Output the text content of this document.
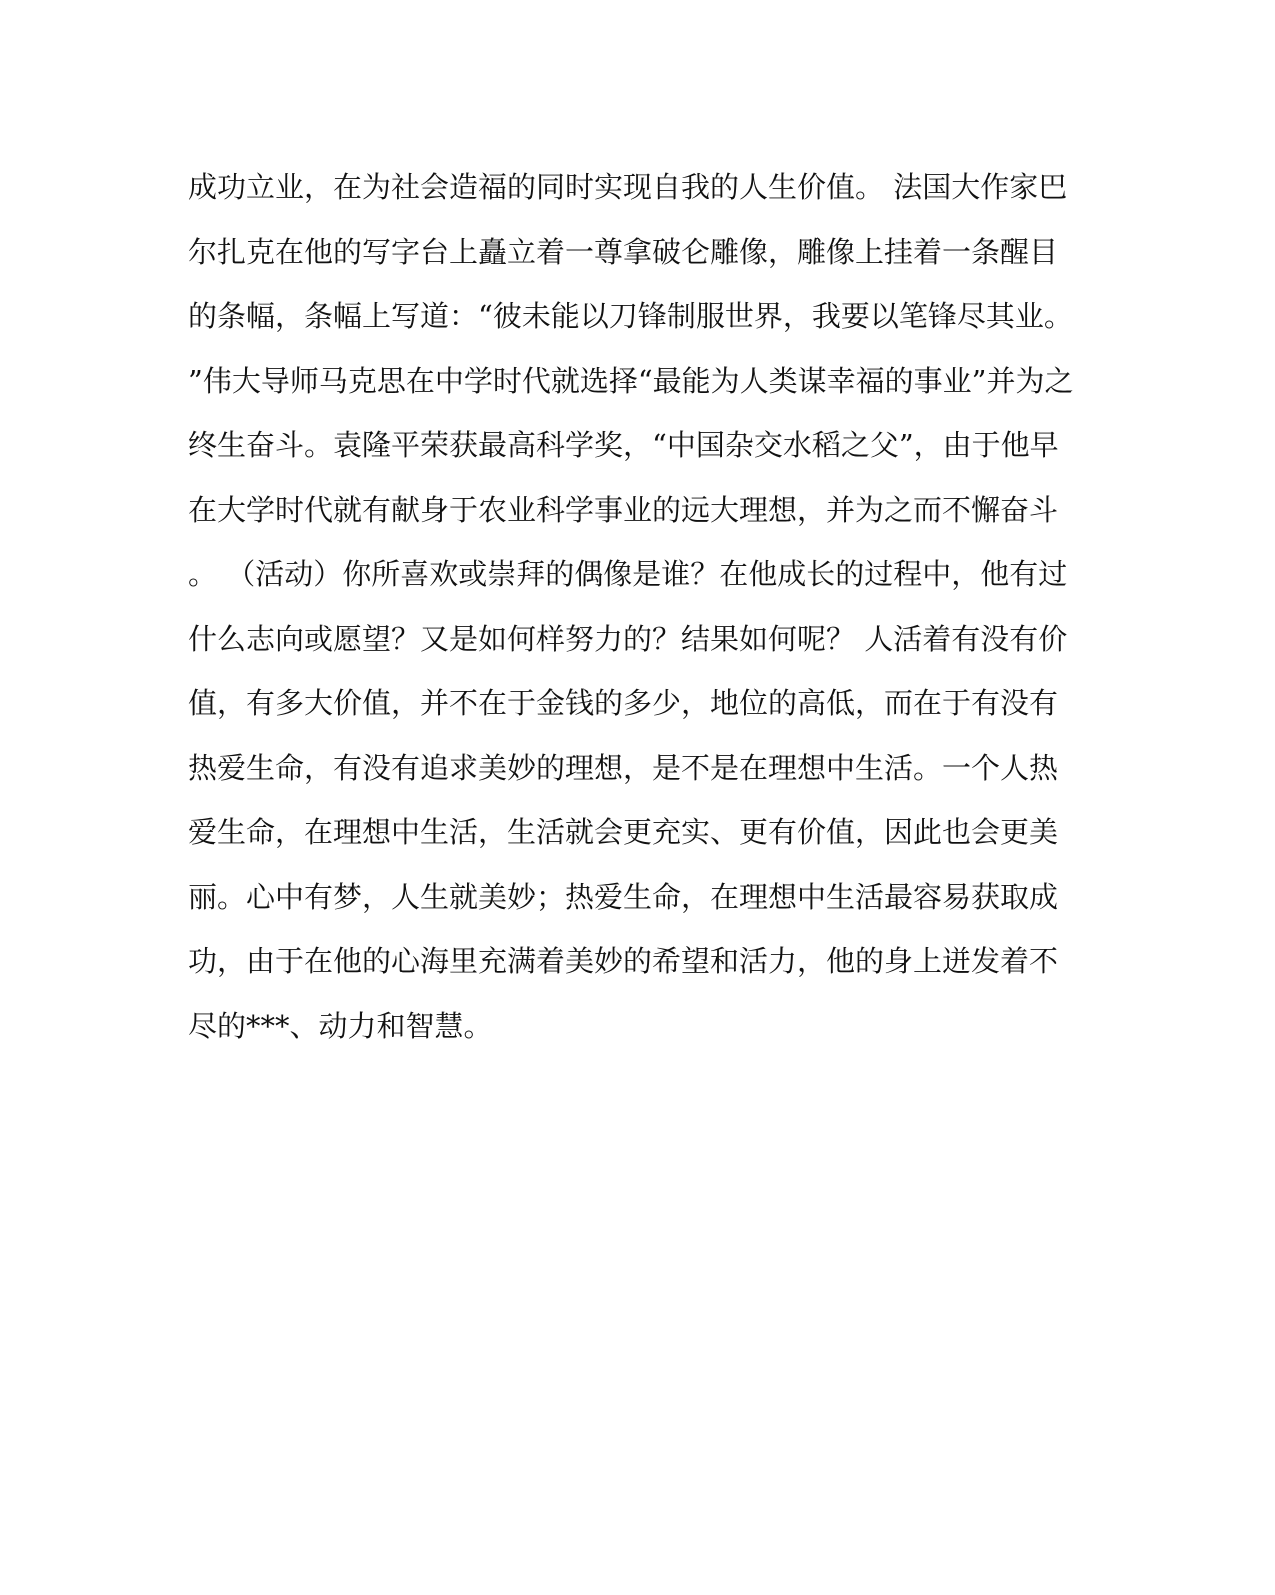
成功立业，在为社会造福的同时实现自我的人生价值。 法国大作家巴
尔扎克在他的写字台上矗立着一尊拿破仑雕像，雕像上挂着一条醒目
的条幅，条幅上写道：“彼未能以刀锋制服世界，我要以笔锋尽其业。
”伟大导师马克思在中学时代就选择“最能为人类谋幸福的事业”并为之
终生奋斗。袁隆平荣获最高科学奖，“中国杂交水稻之父”，由于他早
在大学时代就有献身于农业科学事业的远大理想，并为之而不懈奋斗
。 （活动）你所喜欢或崇拜的偶像是谁？在他成长的过程中，他有过
什么志向或愿望？又是如何样努力的？结果如何呢？ 人活着有没有价
值，有多大价值，并不在于金钱的多少，地位的高低，而在于有没有
热爱生命，有没有追求美妙的理想，是不是在理想中生活。一个人热
爱生命，在理想中生活，生活就会更充实、更有价值，因此也会更美
丽。心中有梦，人生就美妙；热爱生命，在理想中生活最容易获取成
功，由于在他的心海里充满着美妙的希望和活力，他的身上迸发着不
尽的***、动力和智慧。
